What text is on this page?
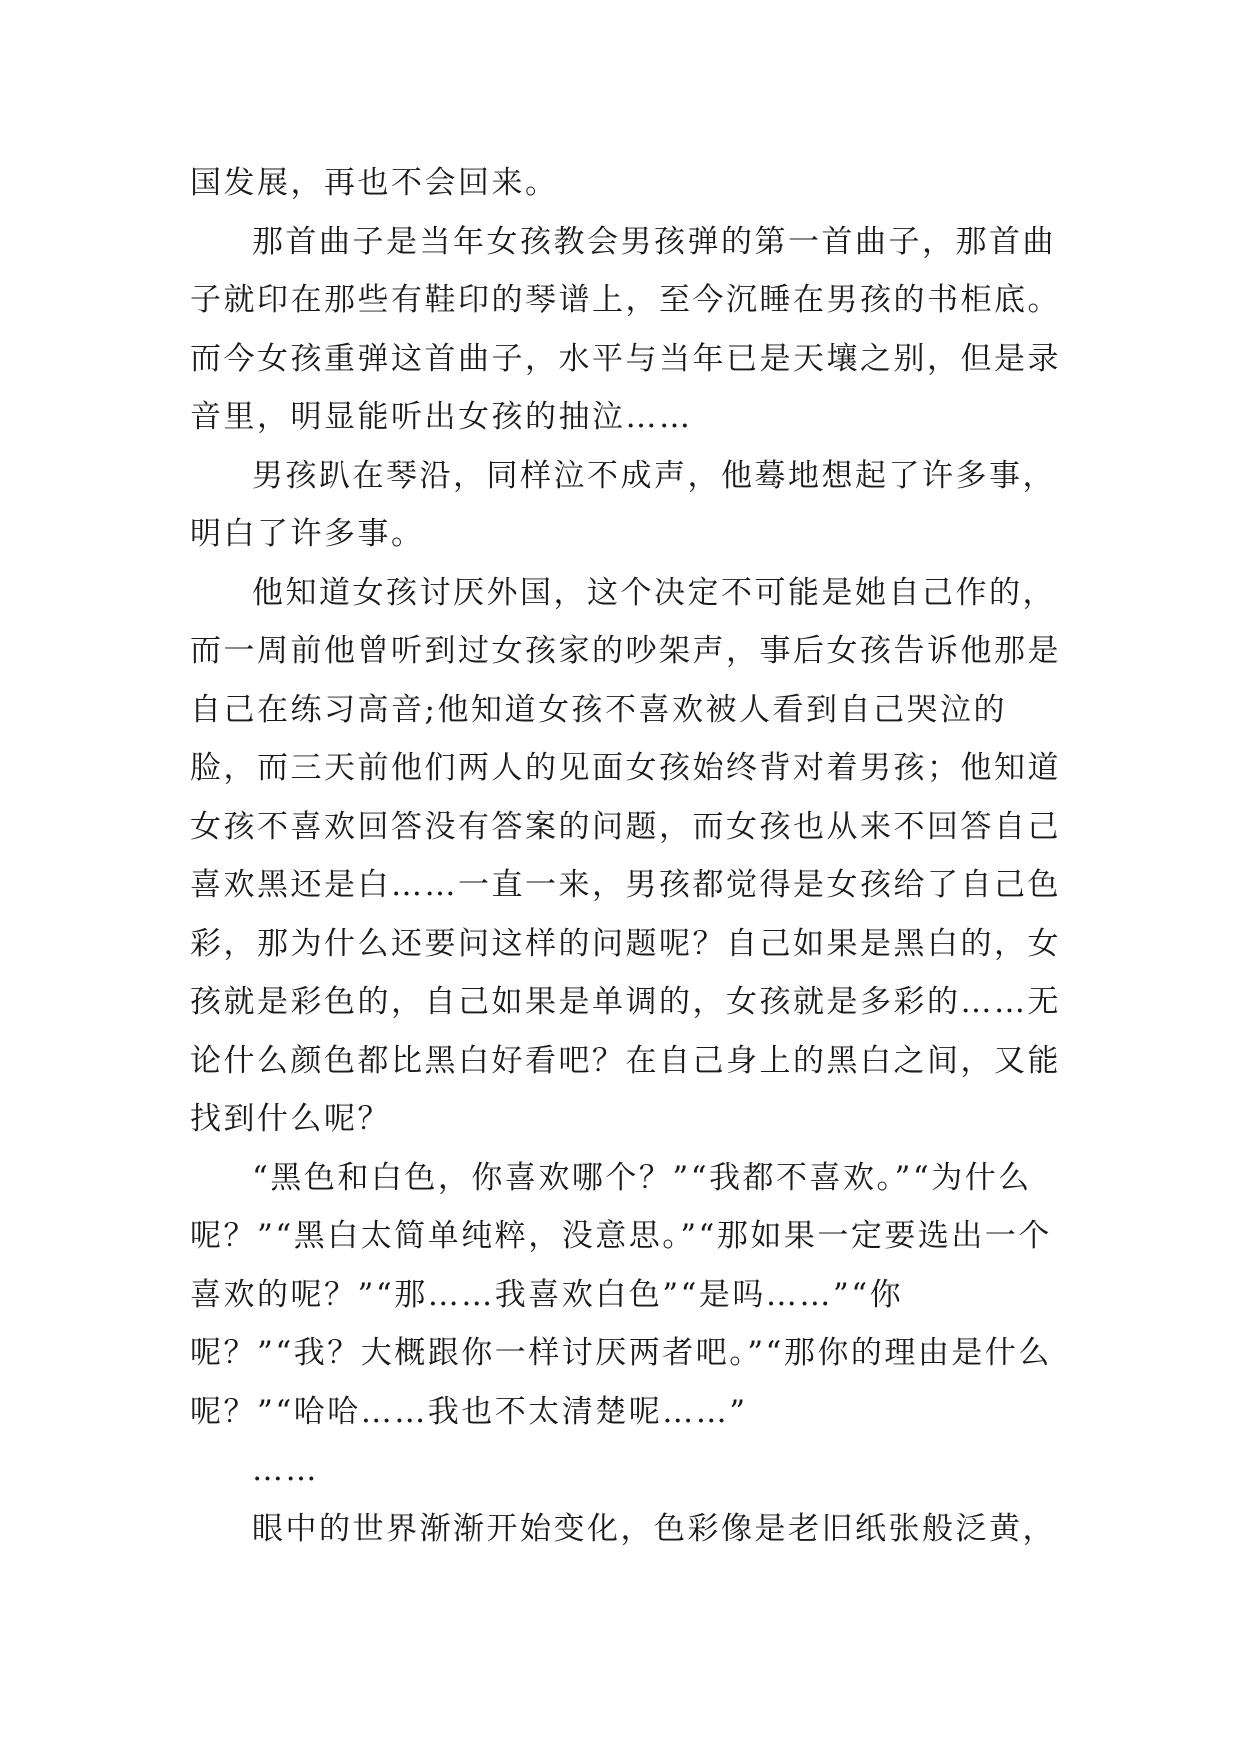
国发展，再也不会回来。

那首曲子是当年女孩教会男孩弹的第一首曲子，那首曲子就印在那些有鞋印的琴谱上，至今沉睡在男孩的书柜底。而今女孩重弹这首曲子，水平与当年已是天壤之别，但是录音里，明显能听出女孩的抽泣……

男孩趴在琴沿，同样泣不成声，他蓦地想起了许多事，明白了许多事。

他知道女孩讨厌外国，这个决定不可能是她自己作的，而一周前他曾听到过女孩家的吵架声，事后女孩告诉他那是自己在练习高音;他知道女孩不喜欢被人看到自己哭泣的脸，而三天前他们两人的见面女孩始终背对着男孩；他知道女孩不喜欢回答没有答案的问题，而女孩也从来不回答自己喜欢黑还是白……一直一来，男孩都觉得是女孩给了自己色彩，那为什么还要问这样的问题呢？自己如果是黑白的，女孩就是彩色的，自己如果是单调的，女孩就是多彩的……无论什么颜色都比黑白好看吧？在自己身上的黑白之间，又能找到什么呢？

“黑色和白色，你喜欢哪个？”“我都不喜欢。”“为什么呢？”“黑白太简单纯粹，没意思。”“那如果一定要选出一个喜欢的呢？”“那……我喜欢白色”“是吗……”“你呢？”“我？大概跟你一样讨厌两者吧。”“那你的理由是什么呢？”“哈哈……我也不太清楚呢……”

……

眼中的世界渐渐开始变化，色彩像是老旧纸张般泛黄，
